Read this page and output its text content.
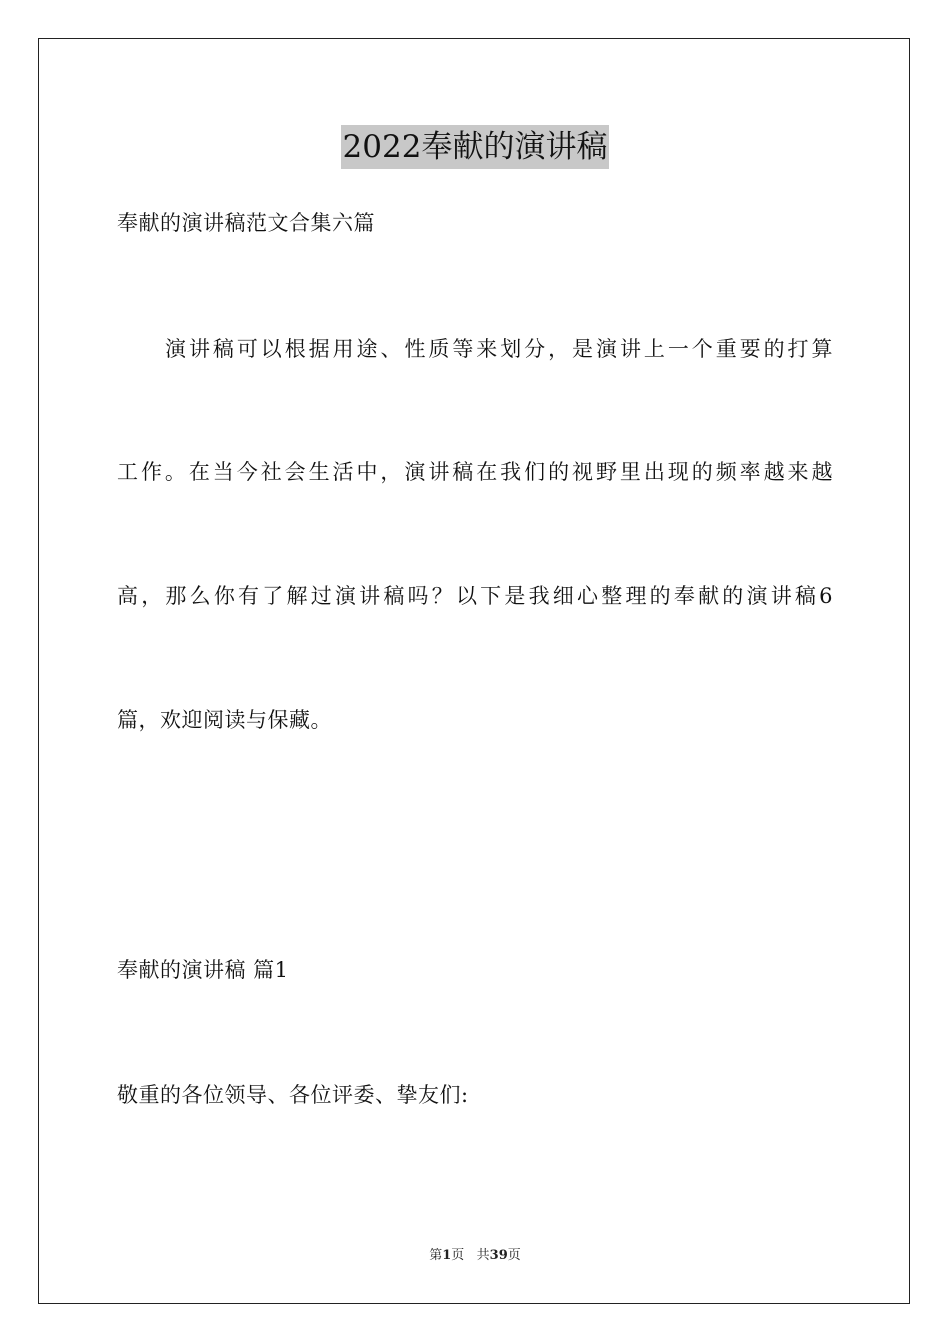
2022奉献的演讲稿
奉献的演讲稿范文合集六篇
演讲稿可以根据用途、性质等来划分，是演讲上一个重要的打算
工作。在当今社会生活中，演讲稿在我们的视野里出现的频率越来越
高，那么你有了解过演讲稿吗？以下是我细心整理的奉献的演讲稿6
篇，欢迎阅读与保藏。
奉献的演讲稿 篇1
敬重的各位领导、各位评委、挚友们:
第1页   共39页
